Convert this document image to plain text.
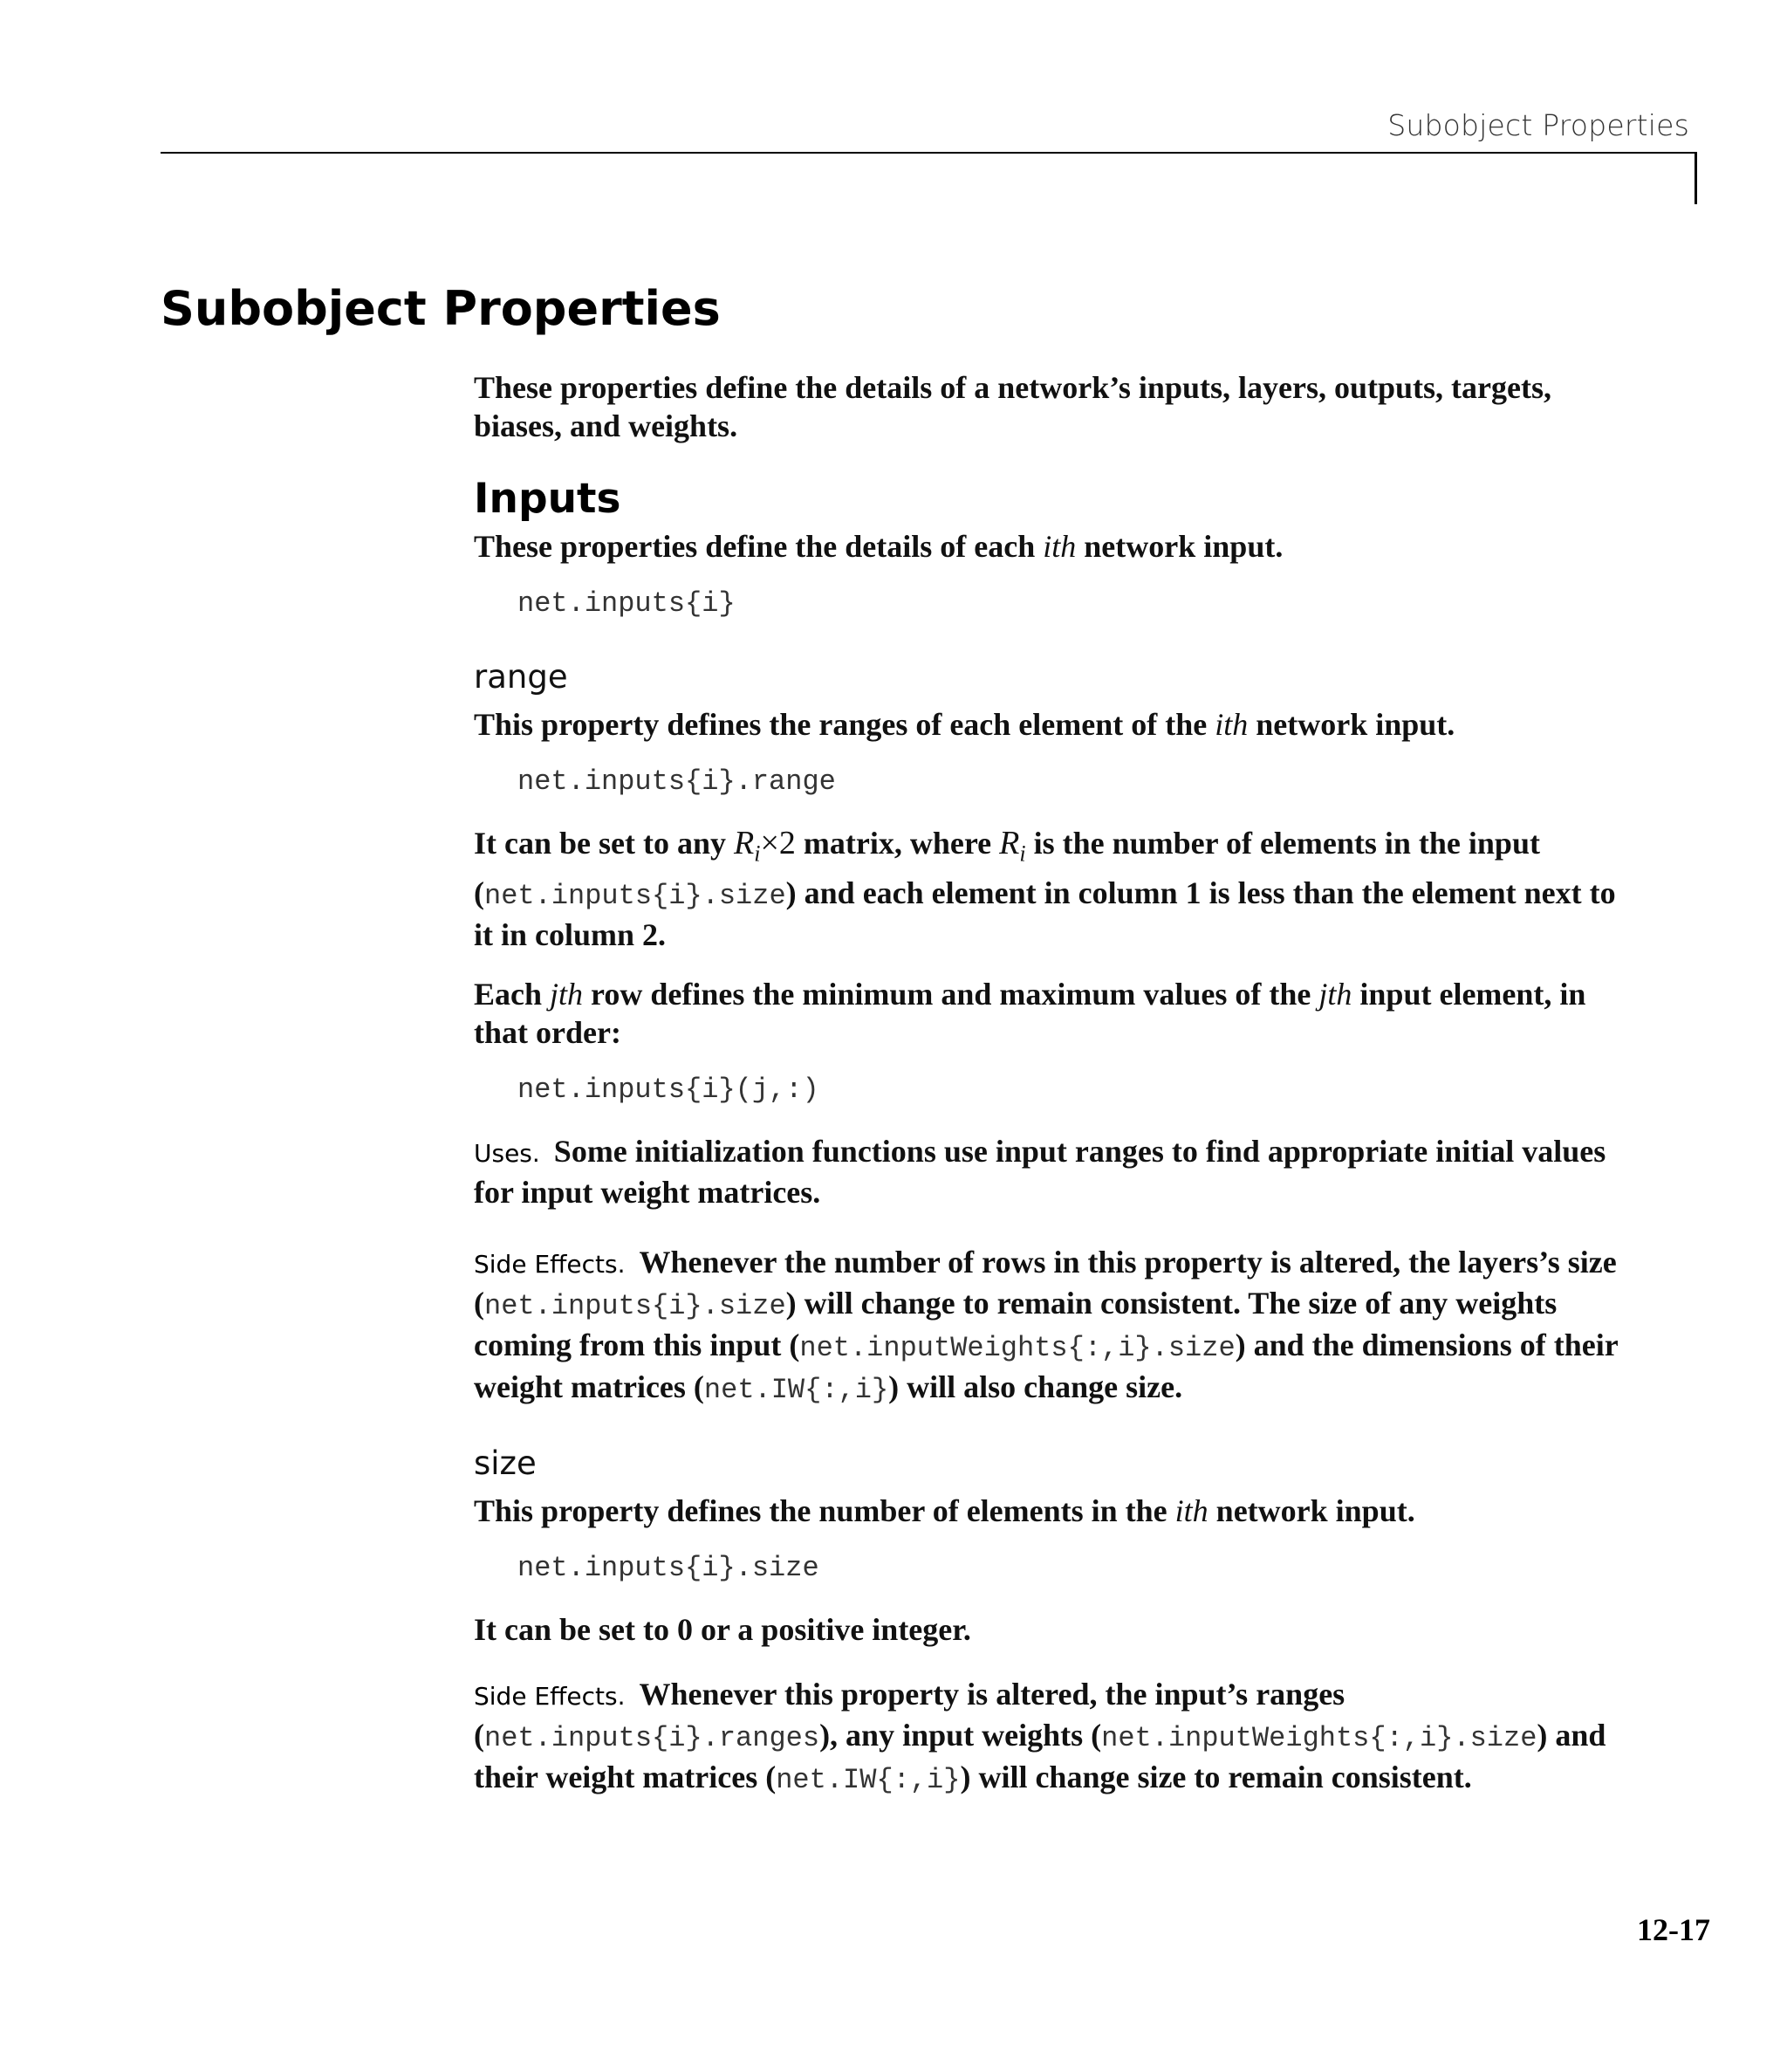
Subobject Properties
Subobject Properties

These properties define the details of a network’s inputs, layers, outputs, targets, biases, and weights.

Inputs

These properties define the details of each ith network input.

net.inputs{i}

range

This property defines the ranges of each element of the ith network input.

net.inputs{i}.range

It can be set to any $R_i\times 2$ matrix, where $R_i$ is the number of elements in the input (net.inputs{i}.size) and each element in column 1 is less than the element next to it in column 2.

Each jth row defines the minimum and maximum values of the jth input element, in that order:

net.inputs{i}(j,:)

Uses. Some initialization functions use input ranges to find appropriate initial values for input weight matrices.

Side Effects. Whenever the number of rows in this property is altered, the layers’s size (net.inputs{i}.size) will change to remain consistent. The size of any weights coming from this input (net.inputWeights{:,i}.size) and the dimensions of their weight matrices (net.IW{:,i}) will also change size.

size

This property defines the number of elements in the ith network input.

net.inputs{i}.size

It can be set to 0 or a positive integer.

Side Effects. Whenever this property is altered, the input’s ranges (net.inputs{i}.ranges), any input weights (net.inputWeights{:,i}.size) and their weight matrices (net.IW{:,i}) will change size to remain consistent.

12-17
